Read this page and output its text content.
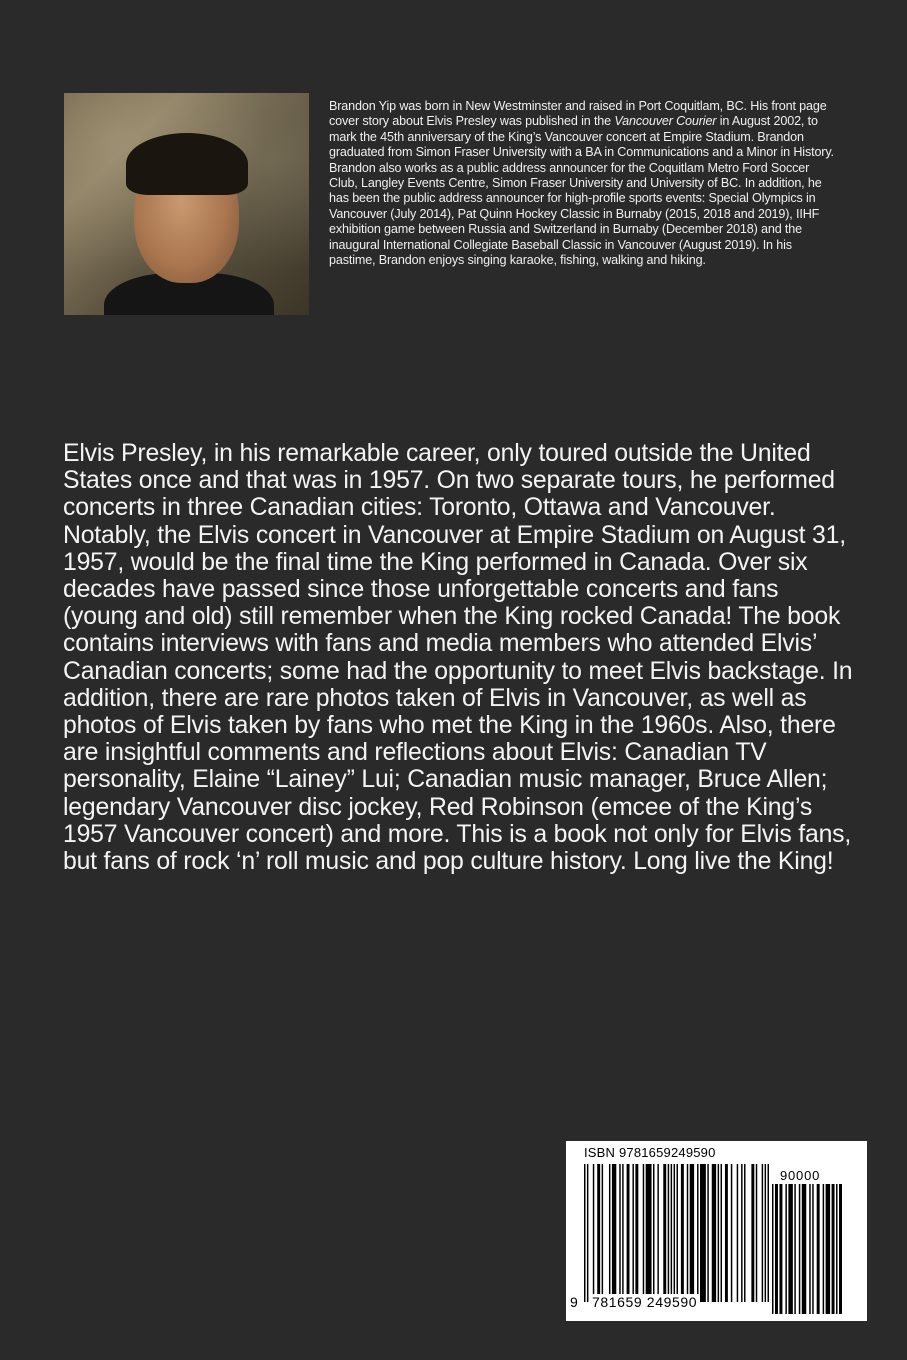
Brandon Yip was born in New Westminster and raised in Port Coquitlam, BC. His front page cover story about Elvis Presley was published in the Vancouver Courier in August 2002, to mark the 45th anniversary of the King’s Vancouver concert at Empire Stadium. Brandon graduated from Simon Fraser University with a BA in Communications and a Minor in History. Brandon also works as a public address announcer for the Coquitlam Metro Ford Soccer Club, Langley Events Centre, Simon Fraser University and University of BC. In addition, he has been the public address announcer for high-profile sports events: Special Olympics in Vancouver (July 2014), Pat Quinn Hockey Classic in Burnaby (2015, 2018 and 2019), IIHF exhibition game between Russia and Switzerland in Burnaby (December 2018) and the inaugural International Collegiate Baseball Classic in Vancouver (August 2019). In his pastime, Brandon enjoys singing karaoke, fishing, walking and hiking.

Elvis Presley, in his remarkable career, only toured outside the United States once and that was in 1957. On two separate tours, he performed concerts in three Canadian cities: Toronto, Ottawa and Vancouver. Notably, the Elvis concert in Vancouver at Empire Stadium on August 31, 1957, would be the final time the King performed in Canada. Over six decades have passed since those unforgettable concerts and fans (young and old) still remember when the King rocked Canada! The book contains interviews with fans and media members who attended Elvis’ Canadian concerts; some had the opportunity to meet Elvis backstage. In addition, there are rare photos taken of Elvis in Vancouver, as well as photos of Elvis taken by fans who met the King in the 1960s. Also, there are insightful comments and reflections about Elvis: Canadian TV personality, Elaine “Lainey” Lui; Canadian music manager, Bruce Allen; legendary Vancouver disc jockey, Red Robinson (emcee of the King’s 1957 Vancouver concert) and more. This is a book not only for Elvis fans, but fans of rock ‘n’ roll music and pop culture history. Long live the King!

ISBN 9781659249590
90000
9 781659 249590
